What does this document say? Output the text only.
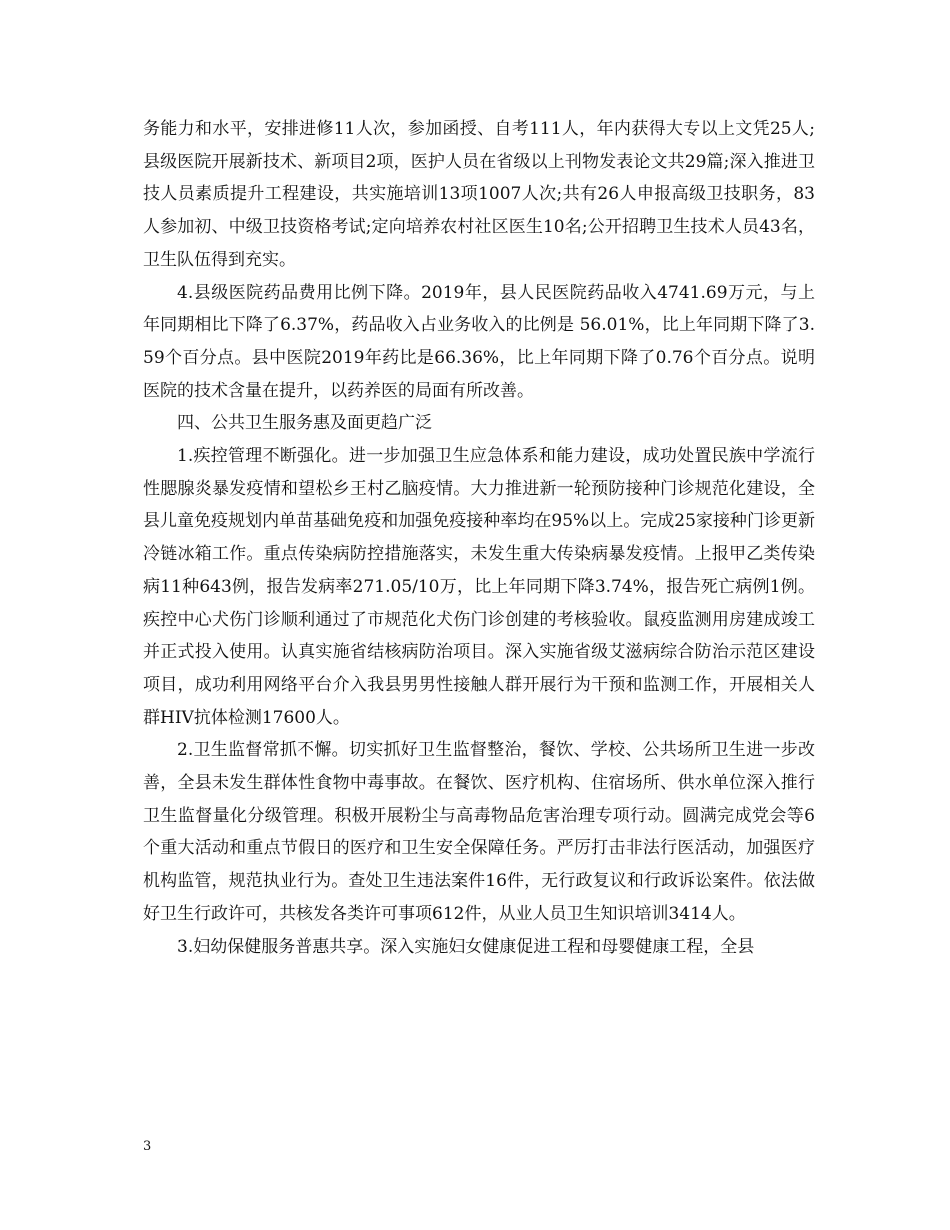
务能力和水平，安排进修11人次，参加函授、自考111人，年内获得大专以上文凭25人;县级医院开展新技术、新项目2项，医护人员在省级以上刊物发表论文共29篇;深入推进卫技人员素质提升工程建设，共实施培训13项1007人次;共有26人申报高级卫技职务，83人参加初、中级卫技资格考试;定向培养农村社区医生10名;公开招聘卫生技术人员43名，卫生队伍得到充实。

4.县级医院药品费用比例下降。2019年，县人民医院药品收入4741.69万元，与上年同期相比下降了6.37%，药品收入占业务收入的比例是 56.01%，比上年同期下降了3.59个百分点。县中医院2019年药比是66.36%，比上年同期下降了0.76个百分点。说明医院的技术含量在提升，以药养医的局面有所改善。

四、公共卫生服务惠及面更趋广泛

1.疾控管理不断强化。进一步加强卫生应急体系和能力建设，成功处置民族中学流行性腮腺炎暴发疫情和望松乡王村乙脑疫情。大力推进新一轮预防接种门诊规范化建设，全县儿童免疫规划内单苗基础免疫和加强免疫接种率均在95%以上。完成25家接种门诊更新冷链冰箱工作。重点传染病防控措施落实，未发生重大传染病暴发疫情。上报甲乙类传染病11种643例，报告发病率271.05/10万，比上年同期下降3.74%，报告死亡病例1例。疾控中心犬伤门诊顺利通过了市规范化犬伤门诊创建的考核验收。鼠疫监测用房建成竣工并正式投入使用。认真实施省结核病防治项目。深入实施省级艾滋病综合防治示范区建设项目，成功利用网络平台介入我县男男性接触人群开展行为干预和监测工作，开展相关人群HIV抗体检测17600人。

2.卫生监督常抓不懈。切实抓好卫生监督整治，餐饮、学校、公共场所卫生进一步改善，全县未发生群体性食物中毒事故。在餐饮、医疗机构、住宿场所、供水单位深入推行卫生监督量化分级管理。积极开展粉尘与高毒物品危害治理专项行动。圆满完成党会等6个重大活动和重点节假日的医疗和卫生安全保障任务。严厉打击非法行医活动，加强医疗机构监管，规范执业行为。查处卫生违法案件16件，无行政复议和行政诉讼案件。依法做好卫生行政许可，共核发各类许可事项612件，从业人员卫生知识培训3414人。

3.妇幼保健服务普惠共享。深入实施妇女健康促进工程和母婴健康工程，全县

3
